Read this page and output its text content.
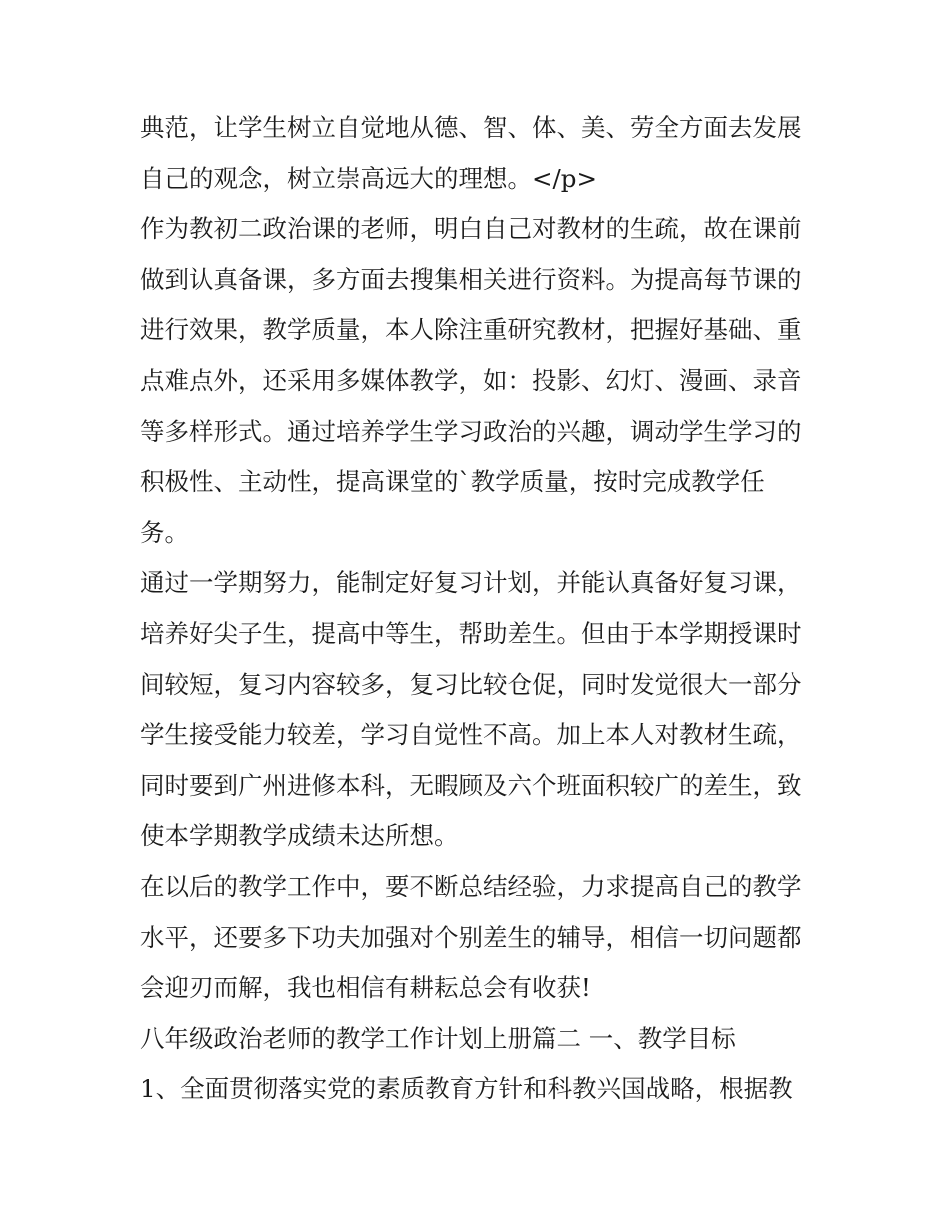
典范，让学生树立自觉地从德、智、体、美、劳全方面去发展自己的观念，树立崇高远大的理想。</p>

作为教初二政治课的老师，明白自己对教材的生疏，故在课前做到认真备课，多方面去搜集相关进行资料。为提高每节课的进行效果，教学质量，本人除注重研究教材，把握好基础、重点难点外，还采用多媒体教学，如：投影、幻灯、漫画、录音等多样形式。通过培养学生学习政治的兴趣，调动学生学习的积极性、主动性，提高课堂的`教学质量，按时完成教学任
务。

通过一学期努力，能制定好复习计划，并能认真备好复习课，培养好尖子生，提高中等生，帮助差生。但由于本学期授课时间较短，复习内容较多，复习比较仓促，同时发觉很大一部分学生接受能力较差，学习自觉性不高。加上本人对教材生疏，同时要到广州进修本科，无暇顾及六个班面积较广的差生，致使本学期教学成绩未达所想。

在以后的教学工作中，要不断总结经验，力求提高自己的教学水平，还要多下功夫加强对个别差生的辅导，相信一切问题都会迎刃而解，我也相信有耕耘总会有收获!

八年级政治老师的教学工作计划上册篇二 一、教学目标

1、全面贯彻落实党的素质教育方针和科教兴国战略，根据教
